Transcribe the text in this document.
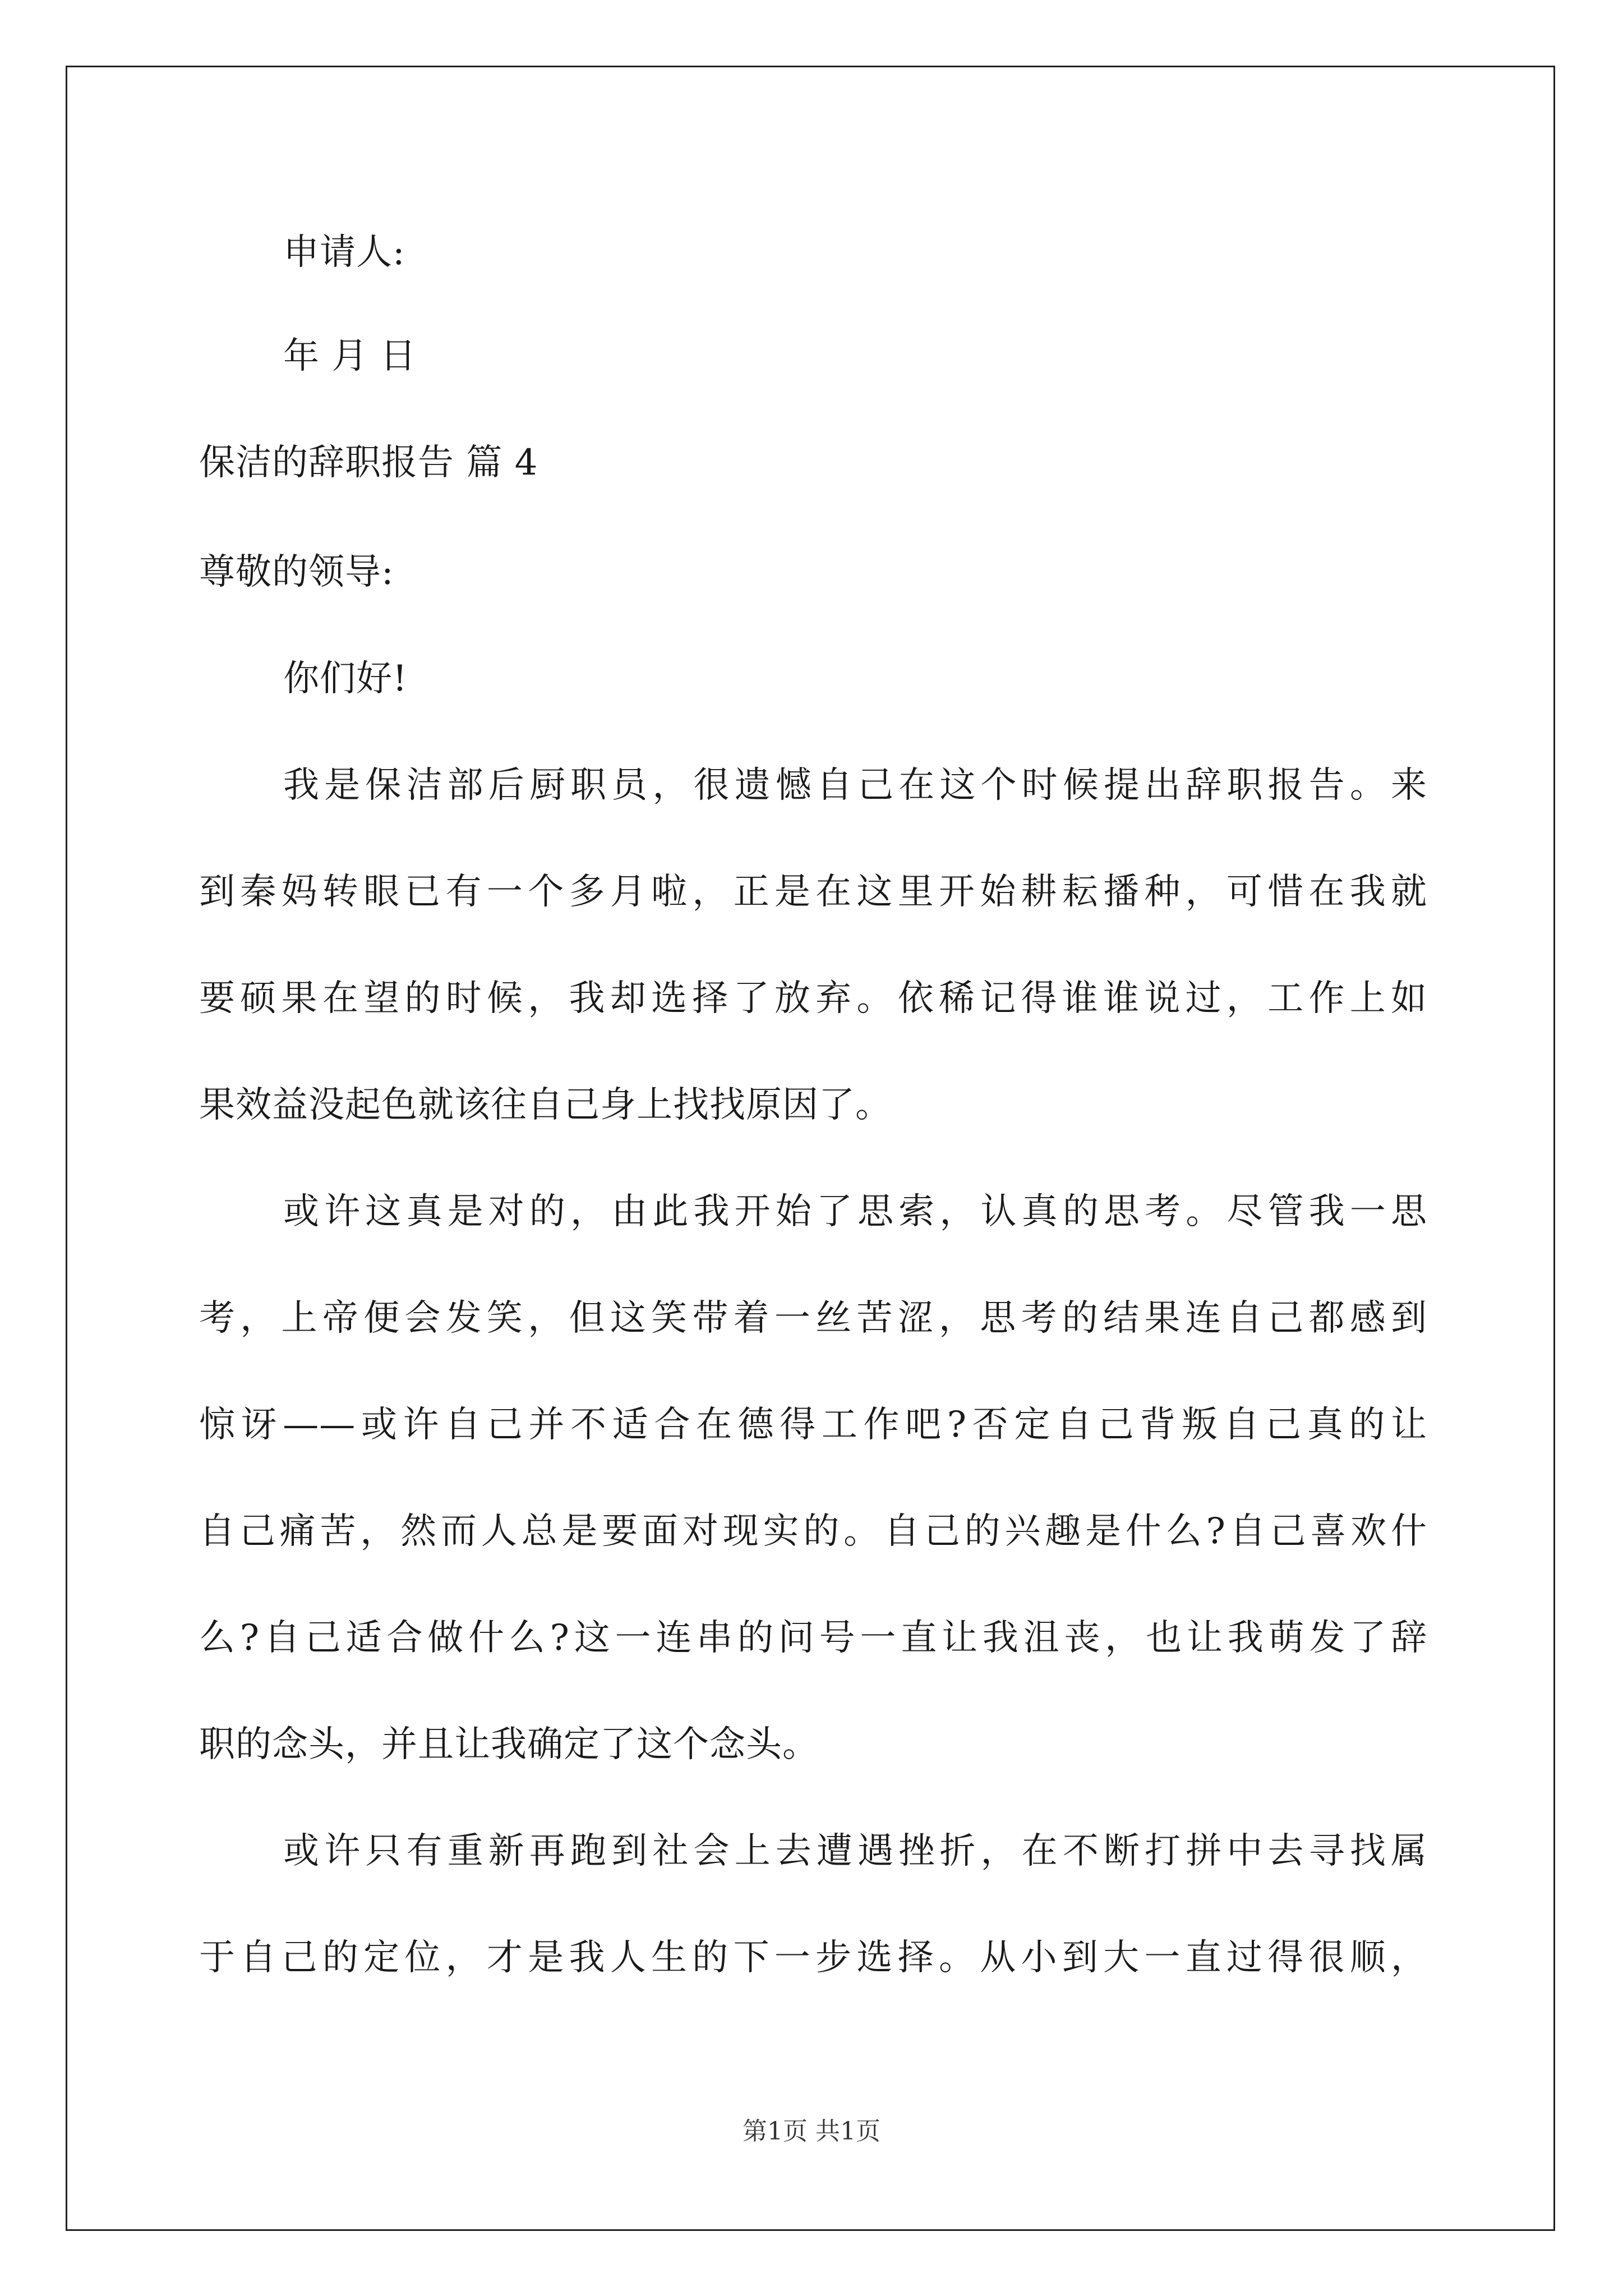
申请人:
年 月 日
保洁的辞职报告 篇 4
尊敬的领导:
你们好!
我是保洁部后厨职员，很遗憾自己在这个时候提出辞职报告。来
到秦妈转眼已有一个多月啦，正是在这里开始耕耘播种，可惜在我就
要硕果在望的时候，我却选择了放弃。依稀记得谁谁说过，工作上如
果效益没起色就该往自己身上找找原因了。
或许这真是对的，由此我开始了思索，认真的思考。尽管我一思
考，上帝便会发笑，但这笑带着一丝苦涩，思考的结果连自己都感到
惊讶——或许自己并不适合在德得工作吧?否定自己背叛自己真的让
自己痛苦，然而人总是要面对现实的。自己的兴趣是什么?自己喜欢什
么?自己适合做什么?这一连串的问号一直让我沮丧，也让我萌发了辞
职的念头，并且让我确定了这个念头。
或许只有重新再跑到社会上去遭遇挫折，在不断打拼中去寻找属
于自己的定位，才是我人生的下一步选择。从小到大一直过得很顺，
第1页 共1页
